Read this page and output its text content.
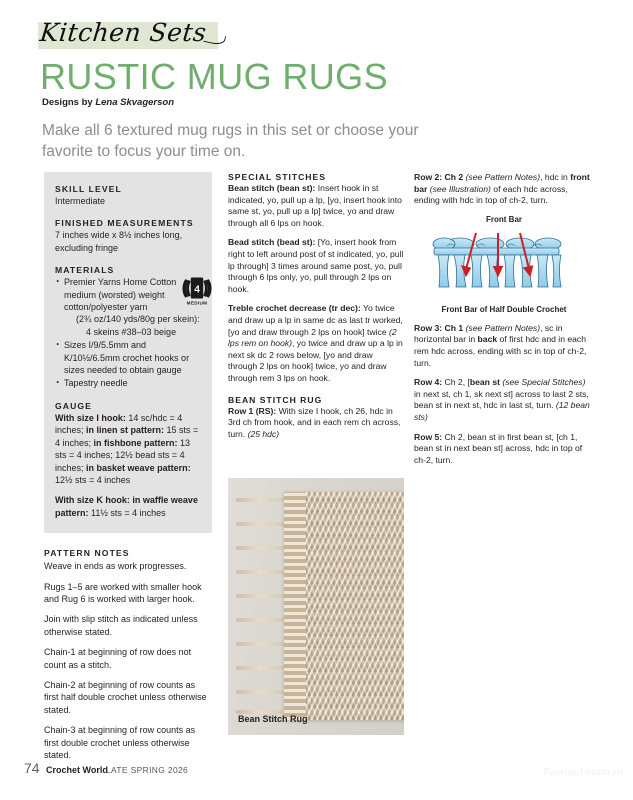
Kitchen Sets
RUSTIC MUG RUGS
Designs by Lena Skvagerson
Make all 6 textured mug rugs in this set or choose your favorite to focus your time on.
SKILL LEVEL

Intermediate

FINISHED MEASUREMENTS

7 inches wide x 8½ inches long, excluding fringe

MATERIALS
· Premier Yarns Home Cotton medium (worsted) weight cotton/polyester yarn
(2¾ oz/140 yds/80g per skein):
4 skeins #38–03 beige
· Sizes I/9/5.5mm and K/10½/6.5mm crochet hooks or sizes needed to obtain gauge
· Tapestry needle
4
MEDIUM
GAUGE

With size I hook: 14 sc/hdc = 4 inches; in linen st pattern: 15 sts = 4 inches; in fishbone pattern: 13 sts = 4 inches; 12½ bead sts = 4 inches; in basket weave pattern: 12½ sts = 4 inches

With size K hook: in waffle weave pattern: 11½ sts = 4 inches

PATTERN NOTES

Weave in ends as work progresses.

Rugs 1–5 are worked with smaller hook and Rug 6 is worked with larger hook.

Join with slip stitch as indicated unless otherwise stated.

Chain-1 at beginning of row does not count as a stitch.

Chain-2 at beginning of row counts as first half double crochet unless otherwise stated.

Chain-3 at beginning of row counts as first double crochet unless otherwise stated.

SPECIAL STITCHES

Bean stitch (bean st): Insert hook in st indicated, yo, pull up a lp, [yo, insert hook into same st, yo, pull up a lp] twice, yo and draw through all 6 lps on hook.

Bead stitch (bead st): [Yo, insert hook from right to left around post of st indicated, yo, pull lp through] 3 times around same post, yo, pull through 6 lps only, yo, pull through 2 lps on hook.

Treble crochet decrease (tr dec): Yo twice and draw up a lp in same dc as last tr worked, [yo and draw through 2 lps on hook] twice (2 lps rem on hook), yo twice and draw up a lp in next sk dc 2 rows below, [yo and draw through 2 lps on hook] twice, yo and draw through rem 3 lps on hook.

BEAN STITCH RUG

Row 1 (RS): With size I hook, ch 26, hdc in 3rd ch from hook, and in each rem ch across, turn. (25 hdc)

Row 2: Ch 2 (see Pattern Notes), hdc in front bar (see Illustration) of each hdc across, ending with hdc in top of ch-2, turn.

Front Bar

Front Bar of Half Double Crochet

Row 3: Ch 1 (see Pattern Notes), sc in horizontal bar in back of first hdc and in each rem hdc across, ending with sc in top of ch-2, turn.

Row 4: Ch 2, [bean st (see Special Stitches) in next st, ch 1, sk next st] across to last 2 sts, bean st in next st, hdc in last st, turn. (12 bean sts)

Row 5: Ch 2, bean st in first bean st, [ch 1, bean st in next bean st] across, hdc in top of ch-2, turn.

Bean Stitch Rug
74 Crochet World
LATE SPRING 2026	PassionForum.ru
